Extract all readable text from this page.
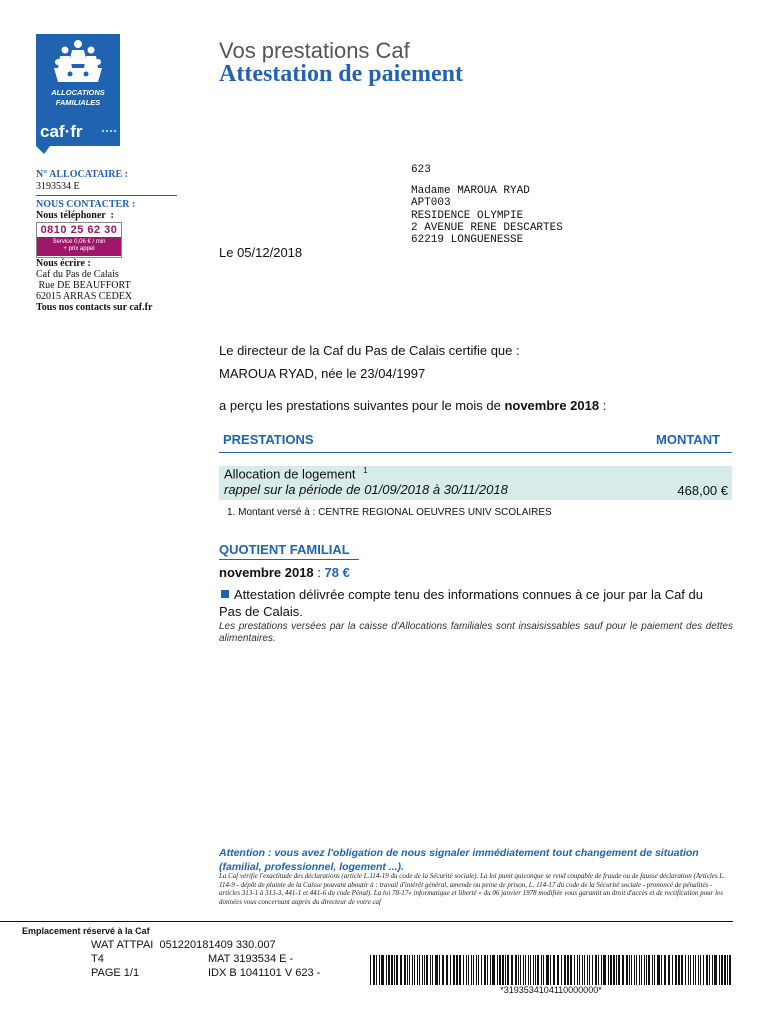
ALLOCATIONS
FAMILIALES
caf·fr
Vos prestations Caf
Attestation de paiement
N° ALLOCATAIRE :
3193534 E
NOUS CONTACTER :
Nous téléphoner  :
0810 25 62 30
Service 0,06 € / min
+ prix appel
Nous écrire :
Caf du Pas de Calais
Rue DE BEAUFFORT
62015 ARRAS CEDEX
Tous nos contacts sur caf.fr
623
Madame MAROUA RYAD
APT003
RESIDENCE OLYMPIE
2 AVENUE RENE DESCARTES
62219 LONGUENESSE
Le 05/12/2018
Le directeur de la Caf du Pas de Calais certifie que :
MAROUA RYAD, née le 23/04/1997
a perçu les prestations suivantes pour le mois de novembre 2018 :
PRESTATIONS	MONTANT
Allocation de logement $^1$
rappel sur la période de 01/09/2018 à 30/11/2018	468,00 €
1. Montant versé à : CENTRE REGIONAL OEUVRES UNIV SCOLAIRES
QUOTIENT FAMILIAL
novembre 2018 : 78 €
Attestation délivrée compte tenu des informations connues à ce jour par la Caf du
Pas de Calais.
Les prestations versées par la caisse d'Allocations familiales sont insaisissables sauf pour le paiement des dettes alimentaires.
Attention : vous avez l'obligation de nous signaler immédiatement tout changement de situation (familial, professionnel, logement ...).
La Caf vérifie l'exactitude des déclarations (article L.114-19 du code de la Sécurité sociale). La loi punit quiconque se rend coupable de fraude ou de fausse déclaration (Articles L. 114-9 - dépôt de plainte de la Caisse pouvant aboutir à : travail d'intérêt général, amende ou peine de prison, L. 114-17 du code de la Sécurité sociale - prononcé de pénalités - articles 313-1 à 313-3, 441-1 et 441-6 du code Pénal). La loi 78-17« informatique et liberté » du 06 janvier 1978 modifiée vous garantit un droit d'accès et de rectification pour les données vous concernant auprès du directeur de votre caf
Emplacement réservé à la Caf
WAT ATTPAI  051220181409 330.007
T4
PAGE 1/1
MAT 3193534 E -
IDX B 1041101 V 623 -
*3193534104110000000*
